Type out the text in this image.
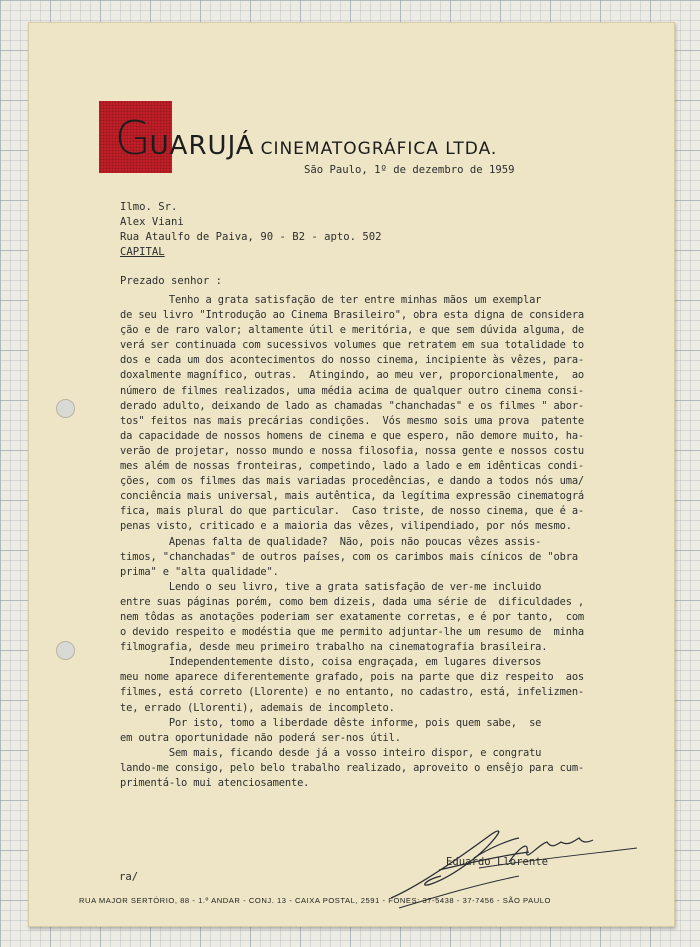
GUARUJÁ CINEMATOGRÁFICA LTDA.
São Paulo, 1º de dezembro de 1959
Ilmo. Sr.
Alex Viani
Rua Ataulfo de Paiva, 90 - B2 - apto. 502
CAPITAL
Prezado senhor :
Tenho a grata satisfação de ter entre minhas mãos um exemplar
de seu livro "Introdução ao Cinema Brasileiro", obra esta digna de considera
ção e de raro valor; altamente útil e meritória, e que sem dúvida alguma, de
verá ser continuada com sucessivos volumes que retratem em sua totalidade to
dos e cada um dos acontecimentos do nosso cinema, incipiente às vêzes, para-
doxalmente magnífico, outras.  Atingindo, ao meu ver, proporcionalmente,  ao
número de filmes realizados, uma média acima de qualquer outro cinema consi-
derado adulto, deixando de lado as chamadas "chanchadas" e os filmes " abor-
tos" feitos nas mais precárias condições.  Vós mesmo sois uma prova  patente
da capacidade de nossos homens de cinema e que espero, não demore muito, ha-
verão de projetar, nosso mundo e nossa filosofia, nossa gente e nossos costu
mes além de nossas fronteiras, competindo, lado a lado e em idênticas condi-
ções, com os filmes das mais variadas procedências, e dando a todos nós uma/
conciência mais universal, mais autêntica, da legítima expressão cinematográ
fica, mais plural do que particular.  Caso triste, de nosso cinema, que é a-
penas visto, criticado e a maioria das vêzes, vilipendiado, por nós mesmo.
Apenas falta de qualidade?  Não, pois não poucas vêzes assis-
timos, "chanchadas" de outros países, com os carimbos mais cínicos de "obra
prima" e "alta qualidade".
Lendo o seu livro, tive a grata satisfação de ver-me incluido
entre suas páginas porém, como bem dizeis, dada uma série de  dificuldades ,
nem tôdas as anotações poderiam ser exatamente corretas, e é por tanto,  com
o devido respeito e modéstia que me permito adjuntar-lhe um resumo de  minha
filmografia, desde meu primeiro trabalho na cinematografia brasileira.
Independentemente disto, coisa engraçada, em lugares diversos
meu nome aparece diferentemente grafado, pois na parte que diz respeito  aos
filmes, está correto (Llorente) e no entanto, no cadastro, está, infelizmen-
te, errado (Llorenti), ademais de incompleto.
Por isto, tomo a liberdade dêste informe, pois quem sabe,  se
em outra oportunidade não poderá ser-nos útil.
Sem mais, ficando desde já a vosso inteiro dispor, e congratu
lando-me consigo, pelo belo trabalho realizado, aproveito o ensêjo para cum-
primentá-lo mui atenciosamente.
Eduardo Llorente
ra/
RUA MAJOR SERTÓRIO, 88 - 1.º ANDAR - CONJ. 13 - CAIXA POSTAL, 2591 - FONES: 37-5438 - 37-7456 - SÃO PAULO
